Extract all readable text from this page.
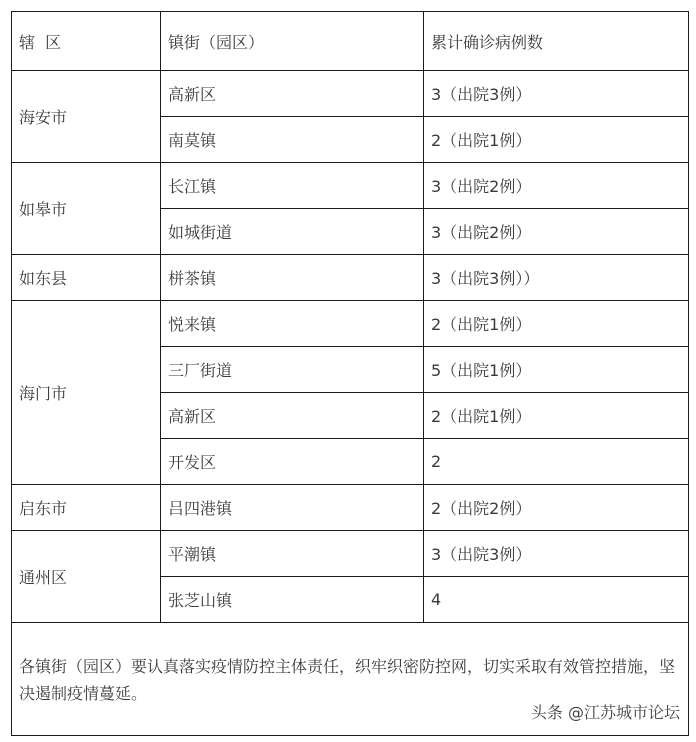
辖  区	镇街（园区）	累计确诊病例数
海安市	高新区	3（出院3例）
	南莫镇	2（出院1例）
如皋市	长江镇	3（出院2例）
	如城街道	3（出院2例）
如东县	栟茶镇	3（出院3例））
海门市	悦来镇	2（出院1例）
	三厂街道	5（出院1例）
	高新区	2（出院1例）
	开发区	2
启东市	吕四港镇	2（出院2例）
通州区	平潮镇	3（出院3例）
	张芝山镇	4

各镇街（园区）要认真落实疫情防控主体责任，织牢织密防控网，切实采取有效管控措施，坚决遏制疫情蔓延。
头条 @江苏城市论坛		
